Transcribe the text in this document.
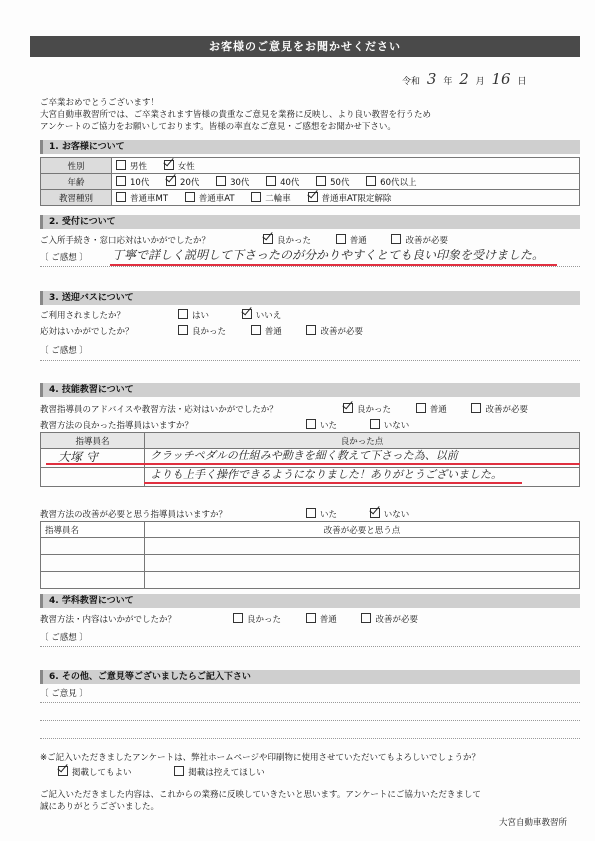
お客様のご意見をお聞かせください
令和 3 年 2 月 16 日
ご卒業おめでとうございます！
大宮自動車教習所では、ご卒業されます皆様の貴重なご意見を業務に反映し、より良い教習を行うため
アンケートのご協力をお願いしております。皆様の率直なご意見・ご感想をお聞かせ下さい。
1. お客様について
性別	男性 女性
年齢	10代 20代 30代 40代 50代 60代以上
教習種別	普通車MT 普通車AT 二輪車 普通車AT限定解除
2. 受付について
ご入所手続き・窓口応対はいかがでしたか？	良かった	普通	改善が必要
〔 ご感想 〕 丁寧で詳しく説明して下さったのが分かりやすくとても良い印象を受けました。
3. 送迎バスについて
ご利用されましたか？	はい	いいえ
応対はいかがでしたか？	良かった	普通	改善が必要
〔 ご感想 〕
4. 技能教習について
教習指導員のアドバイスや教習方法・応対はいかがでしたか？	良かった	普通	改善が必要
教習方法の良かった指導員はいますか？	いた	いない
指導員名	良かった点

大塚 守	クラッチペダルの仕組みや動きを細く教えて下さった為、以前
よりも上手く操作できるようになりました！ありがとうございました。
教習方法の改善が必要と思う指導員はいますか？	いた	いない
指導員名	改善が必要と思う点

4. 学科教習について
教習方法・内容はいかがでしたか？	良かった	普通	改善が必要
〔 ご感想 〕
6. その他、ご意見等ございましたらご記入下さい
〔 ご意見 〕
※ご記入いただきましたアンケートは、弊社ホームページや印刷物に使用させていただいてもよろしいでしょうか？
掲載してもよい	掲載は控えてほしい
ご記入いただきました内容は、これからの業務に反映していきたいと思います。アンケートにご協力いただきまして
誠にありがとうございました。
大宮自動車教習所
